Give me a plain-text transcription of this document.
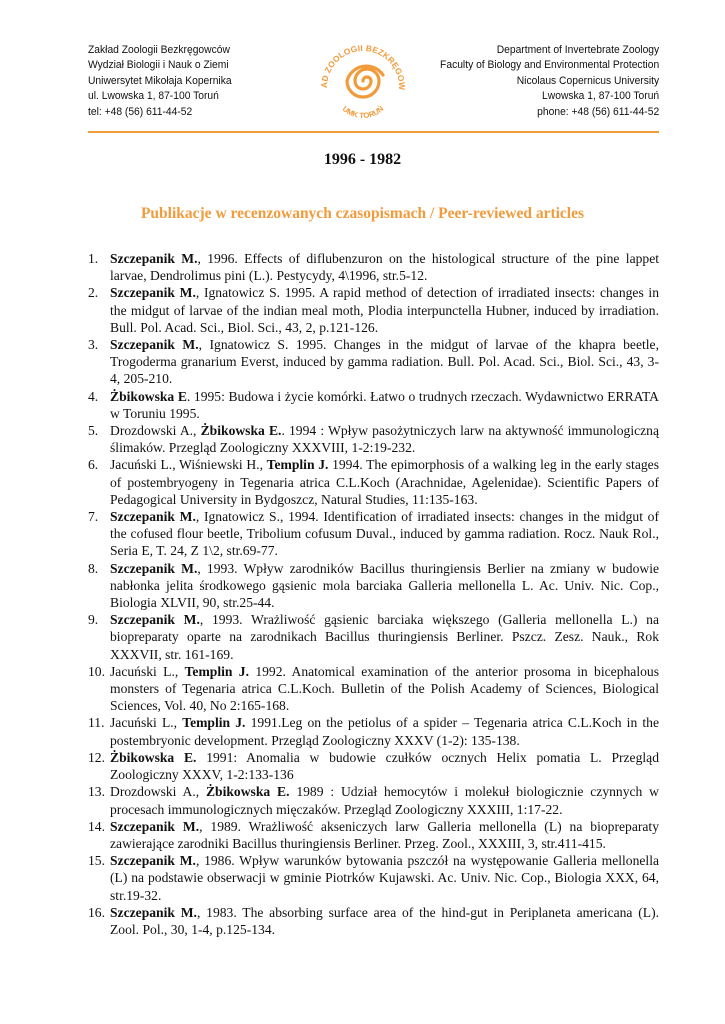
Zakład Zoologii Bezkręgowców
Wydział Biologii i Nauk o Ziemi
Uniwersytet Mikołaja Kopernika
ul. Lwowska 1, 87-100 Toruń
tel: +48 (56) 611-44-52
AD ZOOLOGII BEZKRĘGOW
UMK TORUŃ
Department of Invertebrate Zoology
Faculty of Biology and Environmental Protection
Nicolaus Copernicus University
Lwowska 1, 87-100 Toruń
phone: +48 (56) 611-44-52
1996 - 1982
Publikacje w recenzowanych czasopismach / Peer-reviewed articles
1. Szczepanik M., 1996. Effects of diflubenzuron on the histological structure of the pine lappet larvae, Dendrolimus pini (L.). Pestycydy, 4\1996, str.5-12.
2. Szczepanik M., Ignatowicz S. 1995. A rapid method of detection of irradiated insects: changes in the midgut of larvae of the indian meal moth, Plodia interpunctella Hubner, induced by irradiation. Bull. Pol. Acad. Sci., Biol. Sci., 43, 2, p.121-126.
3. Szczepanik M., Ignatowicz S. 1995. Changes in the midgut of larvae of the khapra beetle, Trogoderma granarium Everst, induced by gamma radiation. Bull. Pol. Acad. Sci., Biol. Sci., 43, 3-4, 205-210.
4. Żbikowska E. 1995: Budowa i życie komórki. Łatwo o trudnych rzeczach. Wydawnictwo ERRATA w Toruniu 1995.
5. Drozdowski A., Żbikowska E.. 1994 : Wpływ pasożytniczych larw na aktywność immunologiczną ślimaków. Przegląd Zoologiczny XXXVIII, 1-2:19-232.
6. Jacuński L., Wiśniewski H., Templin J. 1994. The epimorphosis of a walking leg in the early stages of postembryogeny in Tegenaria atrica C.L.Koch (Arachnidae, Agelenidae). Scientific Papers of Pedagogical University in Bydgoszcz, Natural Studies, 11:135-163.
7. Szczepanik M., Ignatowicz S., 1994. Identification of irradiated insects: changes in the midgut of the cofused flour beetle, Tribolium cofusum Duval., induced by gamma radiation. Rocz. Nauk Rol., Seria E, T. 24, Z 1\2, str.69-77.
8. Szczepanik M., 1993. Wpływ zarodników Bacillus thuringiensis Berlier na zmiany w budowie nabłonka jelita środkowego gąsienic mola barciaka Galleria mellonella L. Ac. Univ. Nic. Cop., Biologia XLVII, 90, str.25-44.
9. Szczepanik M., 1993. Wrażliwość gąsienic barciaka większego (Galleria mellonella L.) na biopreparaty oparte na zarodnikach Bacillus thuringiensis Berliner. Pszcz. Zesz. Nauk., Rok XXXVII, str. 161-169.
10. Jacuński L., Templin J. 1992. Anatomical examination of the anterior prosoma in bicephalous monsters of Tegenaria atrica C.L.Koch. Bulletin of the Polish Academy of Sciences, Biological Sciences, Vol. 40, No 2:165-168.
11. Jacuński L., Templin J. 1991.Leg on the petiolus of a spider – Tegenaria atrica C.L.Koch in the postembryonic development. Przegląd Zoologiczny XXXV (1-2): 135-138.
12. Żbikowska E. 1991: Anomalia w budowie czułków ocznych Helix pomatia L. Przegląd Zoologiczny XXXV, 1-2:133-136
13. Drozdowski A., Żbikowska E. 1989 : Udział hemocytów i molekuł biologicznie czynnych w procesach immunologicznych mięczaków. Przegląd Zoologiczny XXXIII, 1:17-22.
14. Szczepanik M., 1989. Wrażliwość akseniczych larw Galleria mellonella (L) na biopreparaty zawierające zarodniki Bacillus thuringiensis Berliner. Przeg. Zool., XXXIII, 3, str.411-415.
15. Szczepanik M., 1986. Wpływ warunków bytowania pszczół na występowanie Galleria mellonella (L) na podstawie obserwacji w gminie Piotrków Kujawski. Ac. Univ. Nic. Cop., Biologia XXX, 64, str.19-32.
16. Szczepanik M., 1983. The absorbing surface area of the hind-gut in Periplaneta americana (L). Zool. Pol., 30, 1-4, p.125-134.
